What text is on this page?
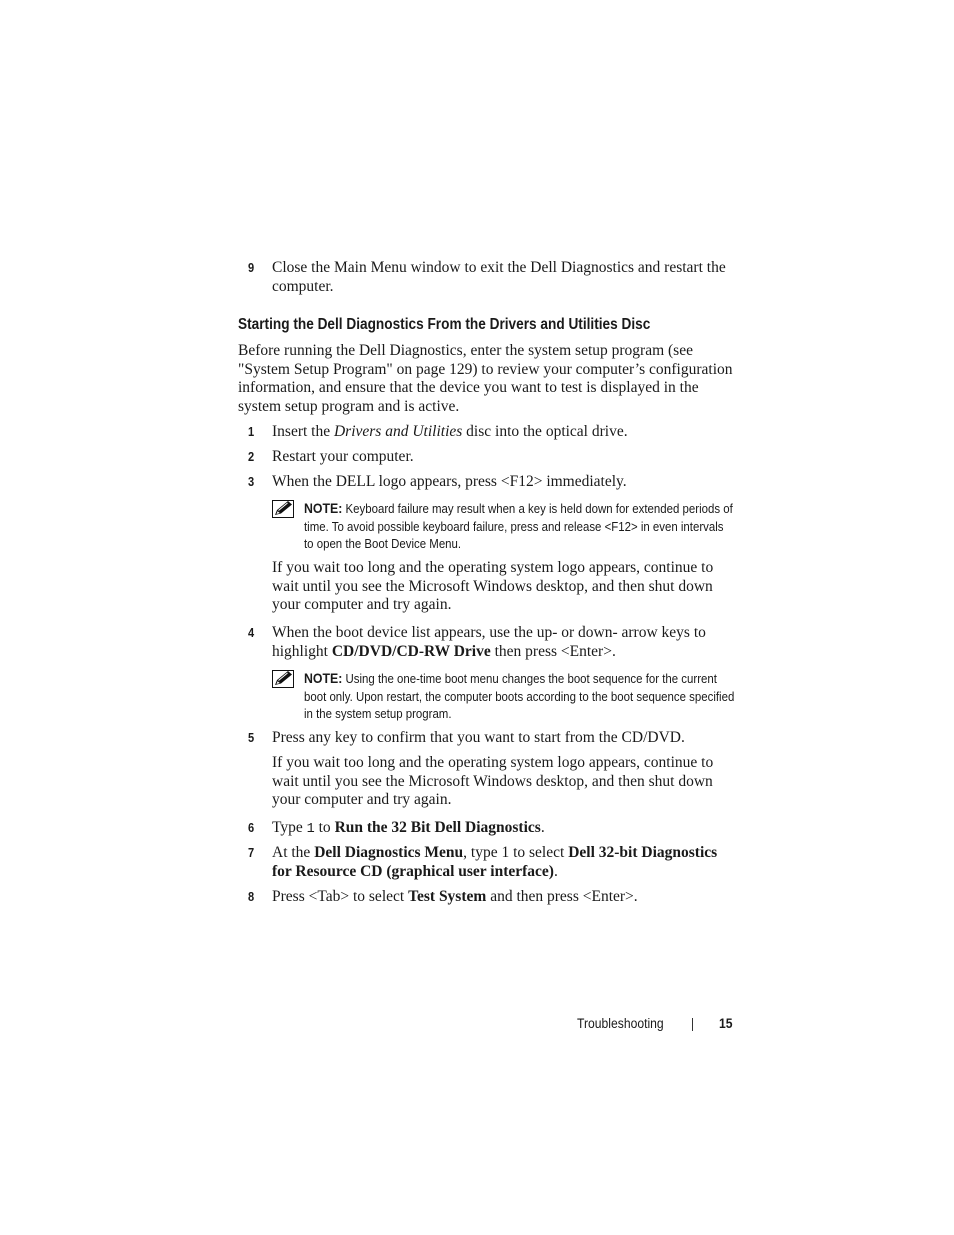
9 Close the Main Menu window to exit the Dell Diagnostics and restart the computer.
Starting the Dell Diagnostics From the Drivers and Utilities Disc
Before running the Dell Diagnostics, enter the system setup program (see "System Setup Program" on page 129) to review your computer’s configuration information, and ensure that the device you want to test is displayed in the system setup program and is active.
1 Insert the Drivers and Utilities disc into the optical drive.
2 Restart your computer.
3 When the DELL logo appears, press <F12> immediately.
NOTE: Keyboard failure may result when a key is held down for extended periods of time. To avoid possible keyboard failure, press and release <F12> in even intervals to open the Boot Device Menu.
If you wait too long and the operating system logo appears, continue to wait until you see the Microsoft Windows desktop, and then shut down your computer and try again.
4 When the boot device list appears, use the up- or down- arrow keys to highlight CD/DVD/CD-RW Drive then press <Enter>.
NOTE: Using the one-time boot menu changes the boot sequence for the current boot only. Upon restart, the computer boots according to the boot sequence specified in the system setup program.
5 Press any key to confirm that you want to start from the CD/DVD.
If you wait too long and the operating system logo appears, continue to wait until you see the Microsoft Windows desktop, and then shut down your computer and try again.
6 Type 1 to Run the 32 Bit Dell Diagnostics.
7 At the Dell Diagnostics Menu, type 1 to select Dell 32-bit Diagnostics for Resource CD (graphical user interface).
8 Press <Tab> to select Test System and then press <Enter>.
Troubleshooting	15
